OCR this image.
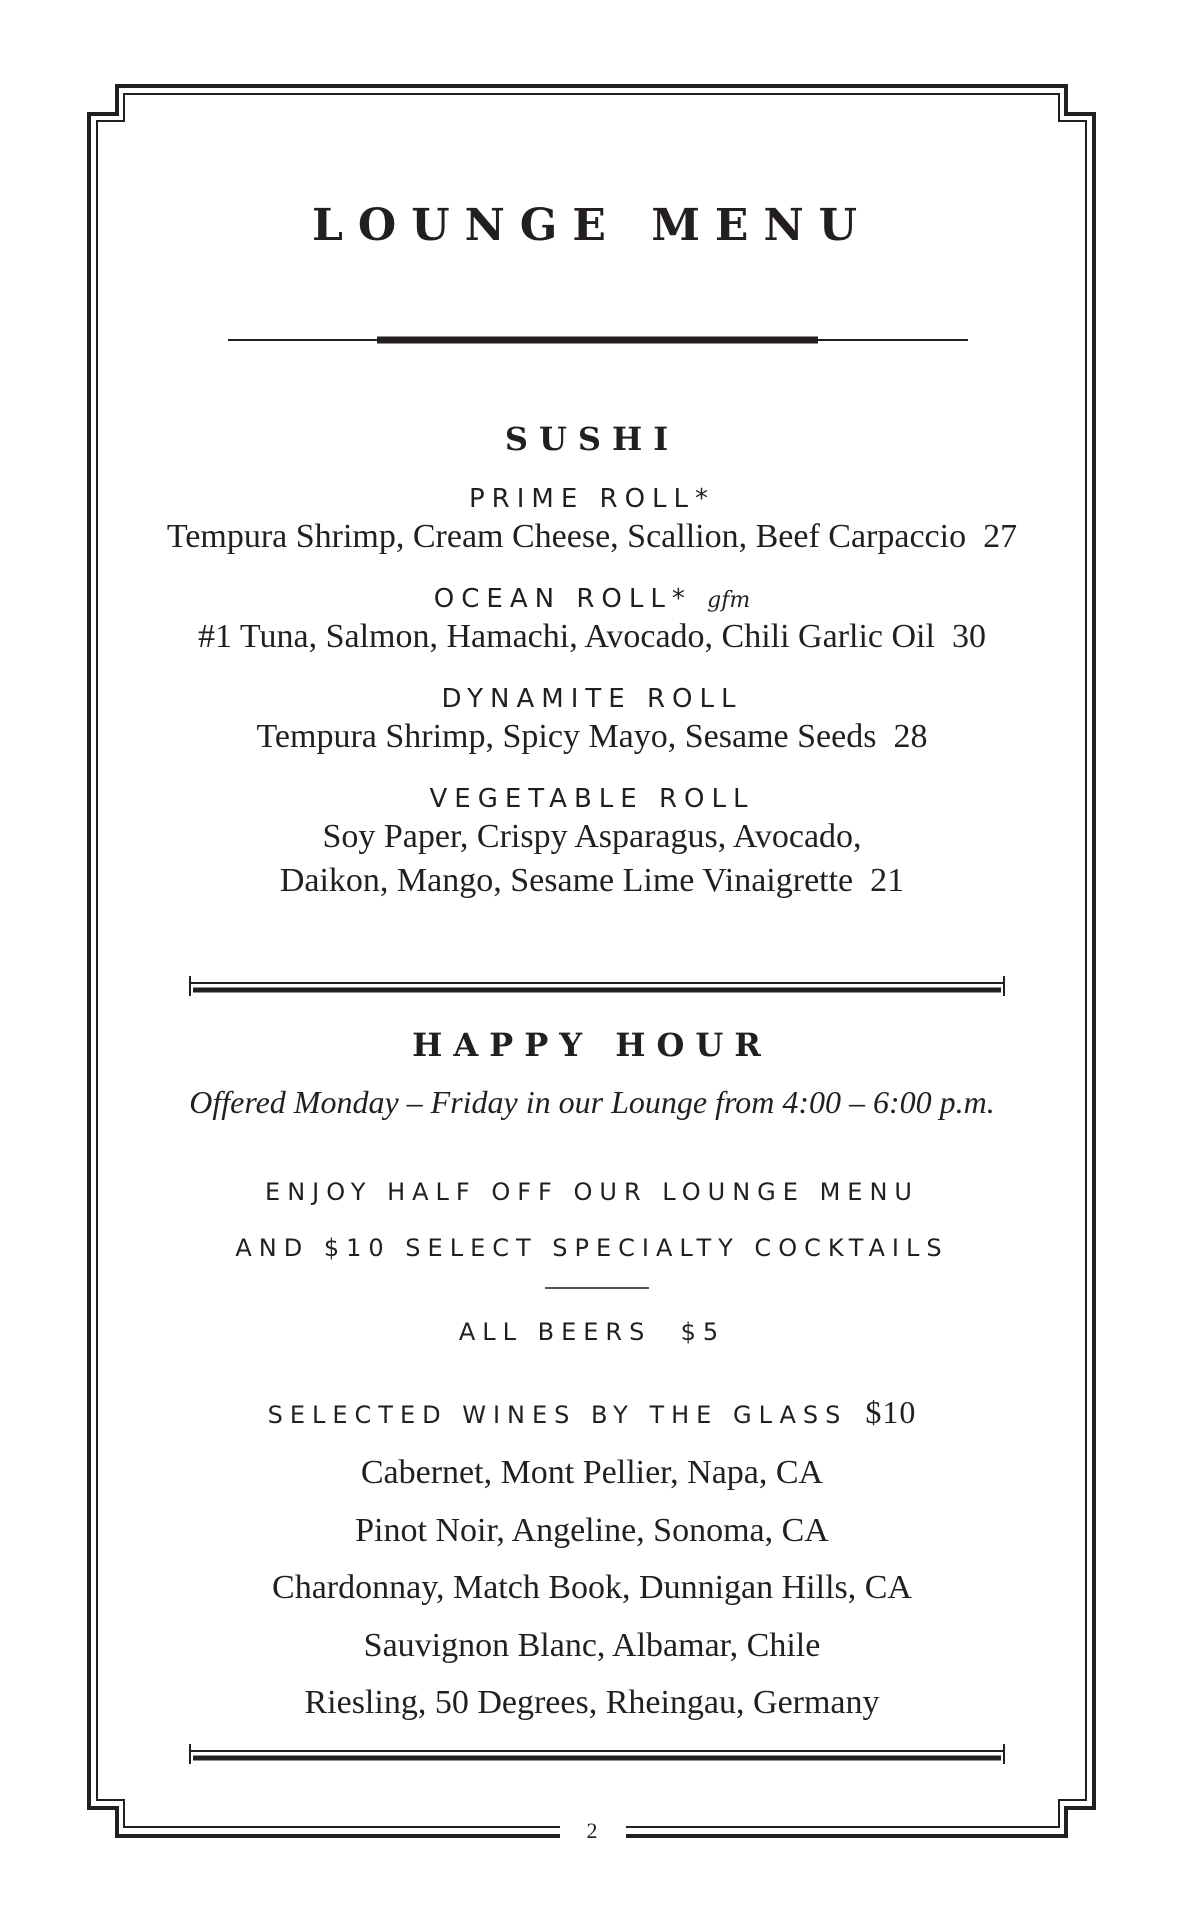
LOUNGE MENU
SUSHI
PRIME ROLL*
Tempura Shrimp, Cream Cheese, Scallion, Beef Carpaccio  27
OCEAN ROLL* gfm
#1 Tuna, Salmon, Hamachi, Avocado, Chili Garlic Oil  30
DYNAMITE ROLL
Tempura Shrimp, Spicy Mayo, Sesame Seeds  28
VEGETABLE ROLL
Soy Paper, Crispy Asparagus, Avocado,
Daikon, Mango, Sesame Lime Vinaigrette  21
HAPPY HOUR
Offered Monday – Friday in our Lounge from 4:00 – 6:00 p.m.
ENJOY HALF OFF OUR LOUNGE MENU
AND $10 SELECT SPECIALTY COCKTAILS
ALL BEERS  $5
SELECTED WINES BY THE GLASS $10
Cabernet, Mont Pellier, Napa, CA
Pinot Noir, Angeline, Sonoma, CA
Chardonnay, Match Book, Dunnigan Hills, CA
Sauvignon Blanc, Albamar, Chile
Riesling, 50 Degrees, Rheingau, Germany
2
